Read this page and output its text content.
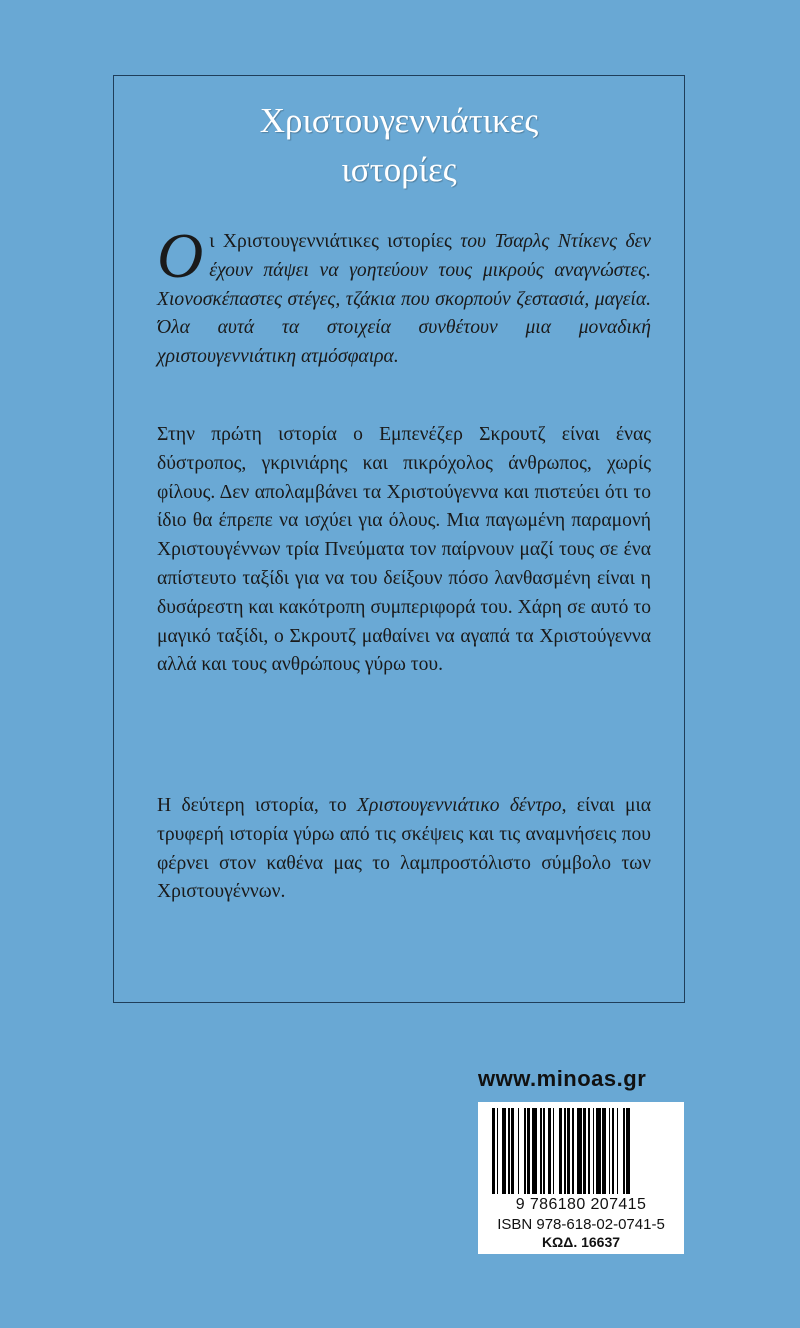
Χριστουγεννιάτικες
ιστορίες
Οι Χριστουγεννιάτικες ιστορίες του Τσαρλς Ντίκενς δεν έχουν πάψει να γοητεύουν τους μικρούς αναγνώστες. Χιονοσκέπαστες στέγες, τζάκια που σκορπούν ζεστασιά, μαγεία. Όλα αυτά τα στοιχεία συνθέτουν μια μοναδική χριστουγεννιάτικη ατμόσφαιρα.
Στην πρώτη ιστορία ο Εμπενέζερ Σκρουτζ είναι ένας δύστροπος, γκρινιάρης και πικρόχολος άνθρωπος, χωρίς φίλους. Δεν απολαμβάνει τα Χριστούγεννα και πιστεύει ότι το ίδιο θα έπρεπε να ισχύει για όλους. Μια παγωμένη παραμονή Χριστουγέννων τρία Πνεύματα τον παίρνουν μαζί τους σε ένα απίστευτο ταξίδι για να του δείξουν πόσο λανθασμένη είναι η δυσάρεστη και κακότροπη συμπεριφορά του. Χάρη σε αυτό το μαγικό ταξίδι, ο Σκρουτζ μαθαίνει να αγαπά τα Χριστούγεννα αλλά και τους ανθρώπους γύρω του.
Η δεύτερη ιστορία, το Χριστουγεννιάτικο δέντρο, είναι μια τρυφερή ιστορία γύρω από τις σκέψεις και τις αναμνήσεις που φέρνει στον καθένα μας το λαμπροστόλιστο σύμβολο των Χριστουγέννων.
www.minoas.gr
9 786180 207415
ISBN 978-618-02-0741-5
ΚΩΔ. 16637
